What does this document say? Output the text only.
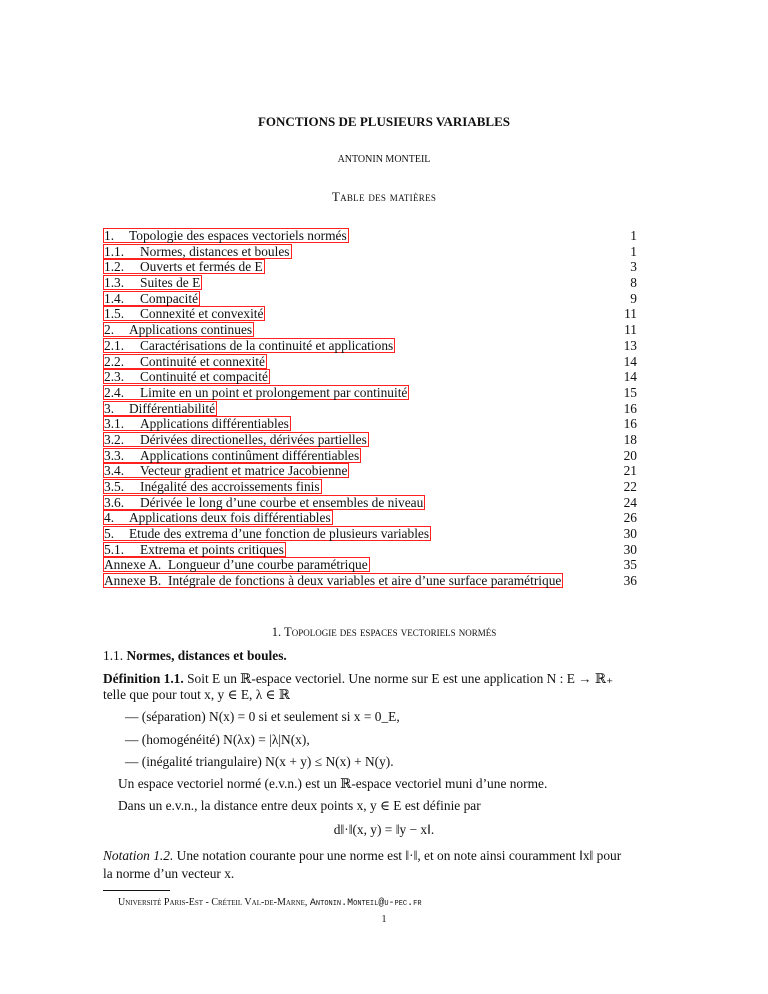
FONCTIONS DE PLUSIEURS VARIABLES
ANTONIN MONTEIL
Table des matières
1.	Topologie des espaces vectoriels normés	1
1.1.	Normes, distances et boules	1
1.2.	Ouverts et fermés de E	3
1.3.	Suites de E	8
1.4.	Compacité	9
1.5.	Connexité et convexité	11
2.	Applications continues	11
2.1.	Caractérisations de la continuité et applications	13
2.2.	Continuité et connexité	14
2.3.	Continuité et compacité	14
2.4.	Limite en un point et prolongement par continuité	15
3.	Différentiabilité	16
3.1.	Applications différentiables	16
3.2.	Dérivées directionelles, dérivées partielles	18
3.3.	Applications continûment différentiables	20
3.4.	Vecteur gradient et matrice Jacobienne	21
3.5.	Inégalité des accroissements finis	22
3.6.	Dérivée le long d’une courbe et ensembles de niveau	24
4.	Applications deux fois différentiables	26
5.	Etude des extrema d’une fonction de plusieurs variables	30
5.1.	Extrema et points critiques	30
Annexe A. Longueur d’une courbe paramétrique	35
Annexe B. Intégrale de fonctions à deux variables et aire d’une surface paramétrique	36
1. Topologie des espaces vectoriels normés
1.1. Normes, distances et boules.
Définition 1.1. Soit E un ℝ-espace vectoriel. Une norme sur E est une application N : E → ℝ₊
telle que pour tout x, y ∈ E, λ ∈ ℝ
— (séparation) N(x) = 0 si et seulement si x = 0_E,
— (homogénéité) N(λx) = |λ|N(x),
— (inégalité triangulaire) N(x + y) ≤ N(x) + N(y).
Un espace vectoriel normé (e.v.n.) est un ℝ-espace vectoriel muni d’une norme.
Dans un e.v.n., la distance entre deux points x, y ∈ E est définie par
d‖·‖(x, y) = ‖y − x‖.
Notation 1.2. Une notation courante pour une norme est ‖·‖, et on note ainsi couramment ‖x‖ pour
la norme d’un vecteur x.
Université Paris-Est - Créteil Val-de-Marne, Antonin.Monteil@u-pec.fr
1
